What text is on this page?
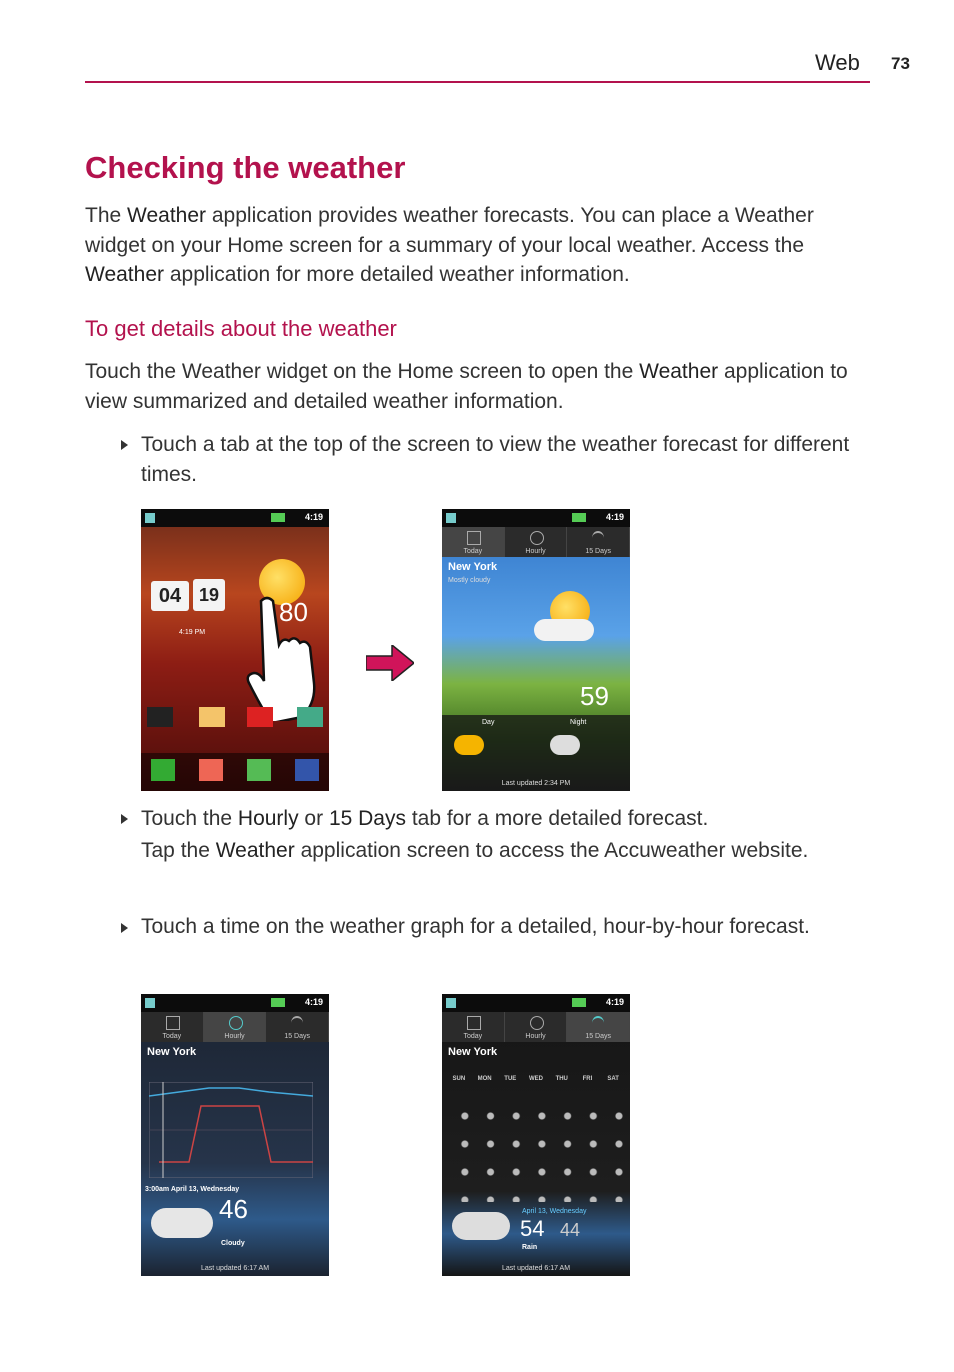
Web 73
Checking the weather

The Weather application provides weather forecasts. You can place a Weather widget on your Home screen for a summary of your local weather. Access the Weather application for more detailed weather information.

To get details about the weather

Touch the Weather widget on the Home screen to open the Weather application to view summarized and detailed weather information.

Touch a tab at the top of the screen to view the weather forecast for different times.
4:19
04 19
80
4:19 PM
4:19
Today	Hourly	15 Days
New York
Mostly cloudy
59
Day	Night
Last updated 2:34 PM
Touch the Hourly or 15 Days tab for a more detailed forecast.
Tap the Weather application screen to access the Accuweather website.
Touch a time on the weather graph for a detailed, hour-by-hour forecast.
4:19
Today	Hourly	15 Days
New York
3:00am April 13, Wednesday
46
Cloudy
Last updated 6:17 AM
4:19
Today	Hourly	15 Days
New York
SUN	MON	TUE	WED	THU	FRI	SAT
April 13, Wednesday
54 44
Rain
Last updated 6:17 AM
